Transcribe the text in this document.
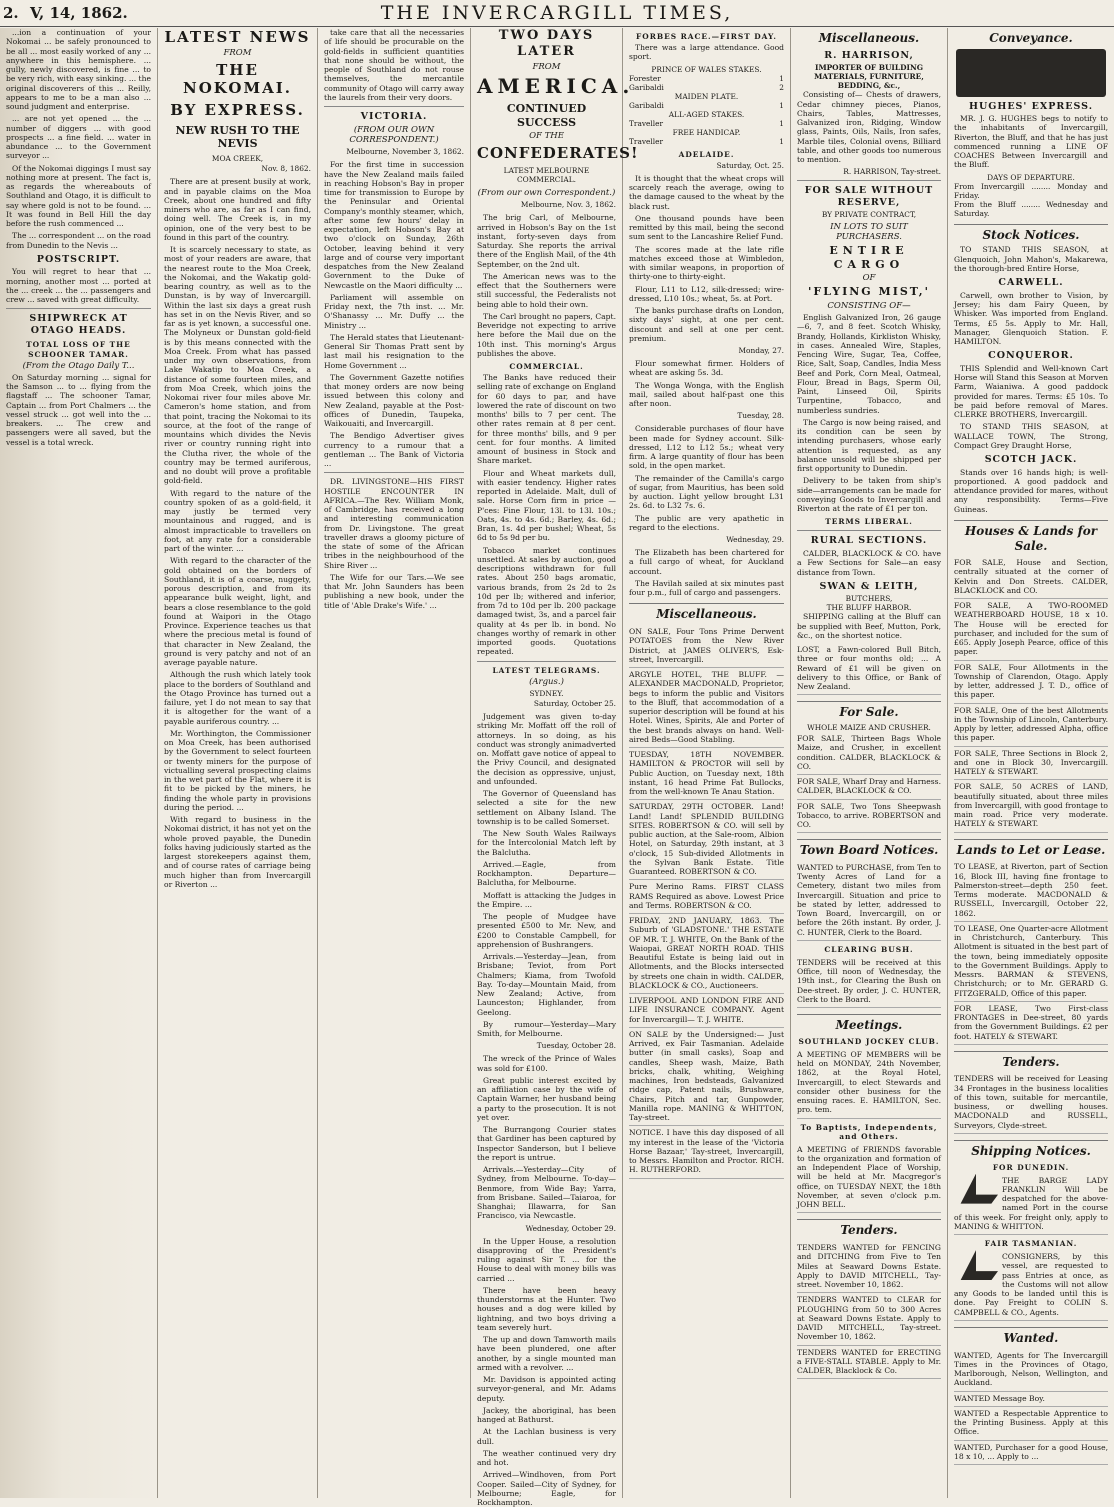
2. V, 14, 1862.	THE INVERCARGILL TIMES,

...ion a continuation of your Nokomai ... be safely pronounced to be all ... most easily worked of any ... anywhere in this hemisphere. ... gully, newly discovered, is fine ... to be very rich, with easy sinking. ... the original discoverers of this ... Reilly, appears to me to be a man also ... sound judgment and enterprise.

... are not yet opened ... the ... number of diggers ... with good prospects ... a fine field. ... water in abundance ... to the Government surveyor ...

Of the Nokomai diggings I must say nothing more at present. The fact is, as regards the whereabouts of Southland and Otago, it is difficult to say where gold is not to be found. ... It was found in Bell Hill the day before the rush commenced ...

The ... correspondent ... on the road from Dunedin to the Nevis ...

POSTSCRIPT.

You will regret to hear that ... morning, another most ... ported at the ... creek ... the ... passengers and crew ... saved with great difficulty.

SHIPWRECK AT OTAGO HEADS.
TOTAL LOSS OF THE SCHOONER TAMAR.
(From the Otago Daily T...

On Saturday morning ... signal for the Samson ... to ... flying from the flagstaff ... The schooner Tamar, Captain ... from Port Chalmers ... the vessel struck ... got well into the ... breakers. ... The crew and passengers were all saved, but the vessel is a total wreck.

LATEST NEWS
FROM
THE NOKOMAI.
BY EXPRESS.
NEW RUSH TO THE NEVIS
MOA CREEK,
Nov. 8, 1862.

There are at present busily at work, and in payable claims on the Moa Creek, about one hundred and fifty miners who are, as far as I can find, doing well. The Creek is, in my opinion, one of the very best to be found in this part of the country.

It is scarcely necessary to state, as most of your readers are aware, that the nearest route to the Moa Creek, the Nokomai, and the Wakatip gold-bearing country, as well as to the Dunstan, is by way of Invercargill. Within the last six days a great rush has set in on the Nevis River, and so far as is yet known, a successful one. The Molyneux or Dunstan gold-field is by this means connected with the Moa Creek. From what has passed under my own observations, from Lake Wakatip to Moa Creek, a distance of some fourteen miles, and from Moa Creek, which joins the Nokomai river four miles above Mr. Cameron's home station, and from that point, tracing the Nokomai to its source, at the foot of the range of mountains which divides the Nevis river or country running right into the Clutha river, the whole of the country may be termed auriferous, and no doubt will prove a profitable gold-field.

With regard to the nature of the country spoken of as a gold-field, it may justly be termed very mountainous and rugged, and is almost impracticable to travellers on foot, at any rate for a considerable part of the winter. ...

With regard to the character of the gold obtained on the borders of Southland, it is of a coarse, nuggety, porous description, and from its appearance bulk weight, light, and bears a close resemblance to the gold found at Waipori in the Otago Province. Experience teaches us that where the precious metal is found of that character in New Zealand, the ground is very patchy and not of an average payable nature.

Although the rush which lately took place to the borders of Southland and the Otago Province has turned out a failure, yet I do not mean to say that it is altogether for the want of a payable auriferous country. ...

Mr. Worthington, the Commissioner on Moa Creek, has been authorised by the Government to select fourteen or twenty miners for the purpose of victualling several prospecting claims in the wet part of the Flat, where it is fit to be picked by the miners, he finding the whole party in provisions during the period. ...

With regard to business in the Nokomai district, it has not yet on the whole proved payable, the Dunedin folks having judiciously started as the largest storekeepers against them, and of course rates of carriage being much higher than from Invercargill or Riverton ...

take care that all the necessaries of life should be procurable on the gold-fields in sufficient quantities that none should be without, the people of Southland do not rouse themselves, the mercantile community of Otago will carry away the laurels from their very doors.

VICTORIA.
(FROM OUR OWN CORRESPONDENT.)
Melbourne, November 3, 1862.

For the first time in succession have the New Zealand mails failed in reaching Hobson's Bay in proper time for transmission to Europe by the Peninsular and Oriental Company's monthly steamer, which, after some few hours' delay in expectation, left Hobson's Bay at two o'clock on Sunday, 26th October, leaving behind it very large and of course very important despatches from the New Zealand Government to the Duke of Newcastle on the Maori difficulty ...

Parliament will assemble on Friday next, the 7th inst. ... Mr. O'Shanassy ... Mr. Duffy ... the Ministry ...

The Herald states that Lieutenant-General Sir Thomas Pratt sent by last mail his resignation to the Home Government ...

The Government Gazette notifies that money orders are now being issued between this colony and New Zealand, payable at the Post-offices of Dunedin, Taupeka, Waikouaiti, and Invercargill.

The Bendigo Advertiser gives currency to a rumour that a gentleman ... The Bank of Victoria ...

DR. LIVINGSTONE—HIS FIRST HOSTILE ENCOUNTER IN AFRICA.—The Rev. William Monk, of Cambridge, has received a long and interesting communication from Dr. Livingstone. The great traveller draws a gloomy picture of the state of some of the African tribes in the neighbourhood of the Shire River ...

The Wife for our Tars.—We see that Mr. John Saunders has been publishing a new book, under the title of 'Able Drake's Wife.' ...

TWO DAYS LATER
FROM
AMERICA.
CONTINUED SUCCESS
OF THE
CONFEDERATES!
LATEST MELBOURNE COMMERCIAL.
(From our own Correspondent.)
Melbourne, Nov. 3, 1862.

The brig Carl, of Melbourne, arrived in Hobson's Bay on the 1st instant, forty-seven days from Saturday. She reports the arrival there of the English Mail, of the 4th September, on the 2nd ult.

The American news was to the effect that the Southerners were still successful, the Federalists not being able to hold their own.

The Carl brought no papers, Capt. Beveridge not expecting to arrive here before the Mail due on the 10th inst. This morning's Argus publishes the above.

COMMERCIAL.

The Banks have reduced their selling rate of exchange on England for 60 days to par, and have lowered the rate of discount on two months' bills to 7 per cent. The other rates remain at 8 per cent. for three months' bills, and 9 per cent. for four months. A limited amount of business in Stock and Share market.

Flour and Wheat markets dull, with easier tendency. Higher rates reported in Adelaide. Malt, dull of sale. Horse Corn firm in price — P'ces: Fine Flour, 13l. to 13l. 10s.; Oats, 4s. to 4s. 6d.; Barley, 4s. 6d.; Bran, 1s. 4d per bushel; Wheat, 5s 6d to 5s 9d per bu.

Tobacco market continues unsettled. At sales by auction, good descriptions withdrawn for full rates. About 250 bags aromatic, various brands, from 2s 2d to 2s 10d per lb; withered and inferior, from 7d to 10d per lb. 200 package damaged twist, 3s, and a parcel fair quality at 4s per lb. in bond. No changes worthy of remark in other imported goods. Quotations repeated.

LATEST TELEGRAMS.
(Argus.)
SYDNEY.
Saturday, October 25.

Judgement was given to-day striking Mr. Moffatt off the roll of attorneys. In so doing, as his conduct was strongly animadverted on. Moffatt gave notice of appeal to the Privy Council, and designated the decision as oppressive, unjust, and unfounded.

The Governor of Queensland has selected a site for the new settlement on Albany Island. The township is to be called Somerset.

The New South Wales Railways for the Intercolonial Match left by the Balclutha.

Arrived.—Eagle, from Rockhampton. Departure—Balclutha, for Melbourne.

Moffatt is attacking the Judges in the Empire. ...

The people of Mudgee have presented £500 to Mr. New, and £200 to Constable Campbell, for apprehension of Bushrangers.

Arrivals.—Yesterday—Jean, from Brisbane; Teviot, from Port Chalmers; Kiama, from Twofold Bay. To-day—Mountain Maid, from New Zealand; Active, from Launceston; Highlander, from Geelong.

By rumour—Yesterday—Mary Smith, for Melbourne.

Tuesday, October 28.

The wreck of the Prince of Wales was sold for £100.

Great public interest excited by an affiliation case by the wife of Captain Warner, her husband being a party to the prosecution. It is not yet over.

The Burrangong Courier states that Gardiner has been captured by Inspector Sanderson, but I believe the report is untrue.

Arrivals.—Yesterday—City of Sydney, from Melbourne. To-day—Benmore, from Wide Bay; Yarra, from Brisbane. Sailed—Taiaroa, for Shanghai; Illawarra, for San Francisco, via Newcastle.

Wednesday, October 29.

In the Upper House, a resolution disapproving of the President's ruling against Sir T. ... for the House to deal with money bills was carried ...

There have been heavy thunderstorms at the Hunter. Two houses and a dog were killed by lightning, and two boys driving a team severely hurt.

The up and down Tamworth mails have been plundered, one after another, by a single mounted man armed with a revolver. ...

Mr. Davidson is appointed acting surveyor-general, and Mr. Adams deputy.

Jackey, the aboriginal, has been hanged at Bathurst.

At the Lachlan business is very dull.

The weather continued very dry and hot.

Arrived—Windhoven, from Port Cooper. Sailed—City of Sydney, for Melbourne; Eagle, for Rockhampton.

FORBES RACE.—FIRST DAY.

There was a large attendance. Good sport.

PRINCE OF WALES STAKES.
Forester	1
Garibaldi	2
MAIDEN PLATE.
Garibaldi	1
ALL-AGED STAKES.
Traveller	1
FREE HANDICAP.
Traveller	1
ADELAIDE.
Saturday, Oct. 25.

It is thought that the wheat crops will scarcely reach the average, owing to the damage caused to the wheat by the black rust.

One thousand pounds have been remitted by this mail, being the second sum sent to the Lancashire Relief Fund.

The scores made at the late rifle matches exceed those at Wimbledon, with similar weapons, in proportion of thirty-one to thirty-eight.

Flour, L11 to L12, silk-dressed; wire-dressed, L10 10s.; wheat, 5s. at Port.

The banks purchase drafts on London, sixty days' sight, at one per cent. discount and sell at one per cent. premium.

Monday, 27.

Flour somewhat firmer. Holders of wheat are asking 5s. 3d.

The Wonga Wonga, with the English mail, sailed about half-past one this after noon.

Tuesday, 28.

Considerable purchases of flour have been made for Sydney account. Silk-dressed, L12 to L12 5s.; wheat very firm. A large quantity of flour has been sold, in the open market.

The remainder of the Camilla's cargo of sugar, from Mauritius, has been sold by auction. Light yellow brought L31 2s. 6d. to L32 7s. 6.

The public are very apathetic in regard to the elections.

Wednesday, 29.

The Elizabeth has been chartered for a full cargo of wheat, for Auckland account.

The Havilah sailed at six minutes past four p.m., full of cargo and passengers.

Miscellaneous.
ON SALE, Four Tons Prime Derwent POTATOES from the New River District, at JAMES OLIVER'S, Esk-street, Invercargill.
ARGYLE HOTEL, THE BLUFF. — ALEXANDER MACDONALD, Proprietor, begs to inform the public and Visitors to the Bluff, that accommodation of a superior description will be found at his Hotel. Wines, Spirits, Ale and Porter of the best brands always on hand. Well-aired Beds—Good Stabling.
TUESDAY, 18TH NOVEMBER. HAMILTON & PROCTOR will sell by Public Auction, on Tuesday next, 18th instant, 16 head Prime Fat Bullocks, from the well-known Te Anau Station.
SATURDAY, 29TH OCTOBER. Land! Land! Land! SPLENDID BUILDING SITES. ROBERTSON & CO. will sell by public auction, at the Sale-room, Albion Hotel, on Saturday, 29th instant, at 3 o'clock, 15 Sub-divided Allotments in the Sylvan Bank Estate. Title Guaranteed. ROBERTSON & CO.
Pure Merino Rams. FIRST CLASS RAMS Required as above. Lowest Price and Terms. ROBERTSON & CO.
FRIDAY, 2ND JANUARY, 1863. The Suburb of 'GLADSTONE.' THE ESTATE OF MR. T. J. WHITE, On the Bank of the Waiopai, GREAT NORTH ROAD. THIS Beautiful Estate is being laid out in Allotments, and the Blocks intersected by streets one chain in width. CALDER, BLACKLOCK & CO., Auctioneers.
LIVERPOOL AND LONDON FIRE AND LIFE INSURANCE COMPANY. Agent for Invercargill— T. J. WHITE.
ON SALE by the Undersigned:— Just Arrived, ex Fair Tasmanian. Adelaide butter (in small casks), Soap and candles, Sheep wash, Maize, Bath bricks, chalk, whiting, Weighing machines, Iron bedsteads, Galvanized ridge cap, Patent nails, Brushware, Chairs, Pitch and tar, Gunpowder, Manilla rope. MANING & WHITTON, Tay-street.
NOTICE. I have this day disposed of all my interest in the lease of the 'Victoria Horse Bazaar,' Tay-street, Invercargill, to Messrs. Hamilton and Proctor. RICH. H. RUTHERFORD.
Miscellaneous.
R. HARRISON,
IMPORTER OF BUILDING MATERIALS, FURNITURE, BEDDING, &c.,

Consisting of— Chests of drawers, Cedar chimney pieces, Pianos, Chairs, Tables, Mattresses, Galvanized iron, Ridging, Window glass, Paints, Oils, Nails, Iron safes, Marble tiles, Colonial ovens, Billiard table, and other goods too numerous to mention.

R. HARRISON, Tay-street.
FOR SALE WITHOUT RESERVE,
BY PRIVATE CONTRACT,
IN LOTS TO SUIT PURCHASERS.
ENTIRE CARGO
OF
'FLYING MIST,'
CONSISTING OF—

English Galvanized Iron, 26 gauge—6, 7, and 8 feet. Scotch Whisky, Brandy, Hollands, Kirkliston Whisky, in cases. Annealed Wire, Staples, Fencing Wire, Sugar, Tea, Coffee, Rice, Salt, Soap, Candles, India Mess Beef and Pork, Corn Meal, Oatmeal, Flour, Bread in Bags, Sperm Oil, Paint, Linseed Oil, Spirits Turpentine, Tobacco, and numberless sundries.

The Cargo is now being raised, and its condition can be seen by intending purchasers, whose early attention is requested, as any balance unsold will be shipped per first opportunity to Dunedin.

Delivery to be taken from ship's side—arrangements can be made for conveying Goods to Invercargill and Riverton at the rate of £1 per ton.

TERMS LIBERAL.
RURAL SECTIONS.

CALDER, BLACKLOCK & CO. have a Few Sections for Sale—an easy distance from Town.

SWAN & LEITH,
BUTCHERS,
THE BLUFF HARBOR.

SHIPPING calling at the Bluff can be supplied with Beef, Mutton, Pork, &c., on the shortest notice.

LOST, a Fawn-colored Bull Bitch, three or four months old; ... A Reward of £1 will be given on delivery to this Office, or Bank of New Zealand.
For Sale.
WHOLE MAIZE AND CRUSHER.
FOR SALE, Thirteen Bags Whole Maize, and Crusher, in excellent condition. CALDER, BLACKLOCK & CO.
FOR SALE, Wharf Dray and Harness. CALDER, BLACKLOCK & CO.
FOR SALE, Two Tons Sheepwash Tobacco, to arrive. ROBERTSON and CO.
Town Board Notices.
WANTED to PURCHASE, from Ten to Twenty Acres of Land for a Cemetery, distant two miles from Invercargill. Situation and price to be stated by letter, addressed to Town Board, Invercargill, on or before the 26th instant. By order, J. C. HUNTER, Clerk to the Board.
CLEARING BUSH.
TENDERS will be received at this Office, till noon of Wednesday, the 19th inst., for Clearing the Bush on Dee-street. By order, J. C. HUNTER, Clerk to the Board.
Meetings.
SOUTHLAND JOCKEY CLUB.
A MEETING OF MEMBERS will be held on MONDAY, 24th November, 1862, at the Royal Hotel, Invercargill, to elect Stewards and consider other business for the ensuing races. E. HAMILTON, Sec. pro. tem.
To Baptists, Independents, and Others.
A MEETING of FRIENDS favorable to the organization and formation of an Independent Place of Worship, will be held at Mr. Macgregor's office, on TUESDAY NEXT, the 18th November, at seven o'clock p.m. JOHN BELL.
Tenders.
TENDERS WANTED for FENCING and DITCHING from Five to Ten Miles at Seaward Downs Estate. Apply to DAVID MITCHELL, Tay-street. November 10, 1862.
TENDERS WANTED to CLEAR for PLOUGHING from 50 to 300 Acres at Seaward Downs Estate. Apply to DAVID MITCHELL, Tay-street. November 10, 1862.
TENDERS WANTED for ERECTING a FIVE-STALL STABLE. Apply to Mr. CALDER, Blacklock & Co.
Conveyance.
HUGHES' EXPRESS.

MR. J. G. HUGHES begs to notify to the inhabitants of Invercargill, Riverton, the Bluff, and that he has just commenced running a LINE OF COACHES Between Invercargill and the Bluff.

DAYS OF DEPARTURE.
From Invercargill ........ Monday and Friday.
From the Bluff ........ Wednesday and Saturday.
Stock Notices.

TO STAND THIS SEASON, at Glenquoich, John Mahon's, Makarewa, the thorough-bred Entire Horse,

CARWELL.

Carwell, own brother to Vision, by Jersey; his dam Fairy Queen, by Whisker. Was imported from England. Terms, £5 5s. Apply to Mr. Hall, Manager, Glenquoich Station. F. HAMILTON.

CONQUEROR.

THIS Splendid and Well-known Cart Horse will Stand this Season at Morven Farm, Waianiwa. A good paddock provided for mares. Terms: £5 10s. To be paid before removal of Mares. CLERKE BROTHERS, Invercargill.

TO STAND THIS SEASON, at WALLACE TOWN, The Strong, Compact Grey Draught Horse,

SCOTCH JACK.

Stands over 16 hands high; is well-proportioned. A good paddock and attendance provided for mares, without any responsibility. Terms—Five Guineas.

Houses & Lands for Sale.
FOR SALE, House and Section, centrally situated at the corner of Kelvin and Don Streets. CALDER, BLACKLOCK and CO.
FOR SALE, A TWO-ROOMED WEATHERBOARD HOUSE, 18 x 10. The House will be erected for purchaser, and included for the sum of £65. Apply Joseph Pearce, office of this paper.
FOR SALE, Four Allotments in the Township of Clarendon, Otago. Apply by letter, addressed J. T. D., office of this paper.
FOR SALE, One of the best Allotments in the Township of Lincoln, Canterbury. Apply by letter, addressed Alpha, office this paper.
FOR SALE, Three Sections in Block 2, and one in Block 30, Invercargill. HATELY & STEWART.
FOR SALE, 50 ACRES of LAND, beautifully situated, about three miles from Invercargill, with good frontage to main road. Price very moderate. HATELY & STEWART.
Lands to Let or Lease.
TO LEASE, at Riverton, part of Section 16, Block III, having fine frontage to Palmerston-street—depth 250 feet. Terms moderate. MACDONALD & RUSSELL, Invercargill, October 22, 1862.
TO LEASE, One Quarter-acre Allotment in Christchurch, Canterbury. This Allotment is situated in the best part of the town, being immediately opposite to the Government Buildings. Apply to Messrs. BARMAN & STEVENS, Christchurch; or to Mr. GERARD G. FITZGERALD, Office of this paper.
FOR LEASE, Two First-class FRONTAGES in Dee-street, 80 yards from the Government Buildings. £2 per foot. HATELY & STEWART.
Tenders.
TENDERS will be received for Leasing 34 Frontages in the business localities of this town, suitable for mercantile, business, or dwelling houses. MACDONALD and RUSSELL, Surveyors, Clyde-street.
Shipping Notices.
FOR DUNEDIN.
THE BARGE LADY FRANKLIN Will be despatched for the above-named Port in the course of this week. For freight only, apply to MANING & WHITTON.
FAIR TASMANIAN.
CONSIGNERS, by this vessel, are requested to pass Entries at once, as the Customs will not allow any Goods to be landed until this is done. Pay Freight to COLIN S. CAMPBELL & CO., Agents.
Wanted.
WANTED, Agents for The Invercargill Times in the Provinces of Otago, Marlborough, Nelson, Wellington, and Auckland.
WANTED Message Boy.
WANTED a Respectable Apprentice to the Printing Business. Apply at this Office.
WANTED, Purchaser for a good House, 18 x 10, ... Apply to ...
